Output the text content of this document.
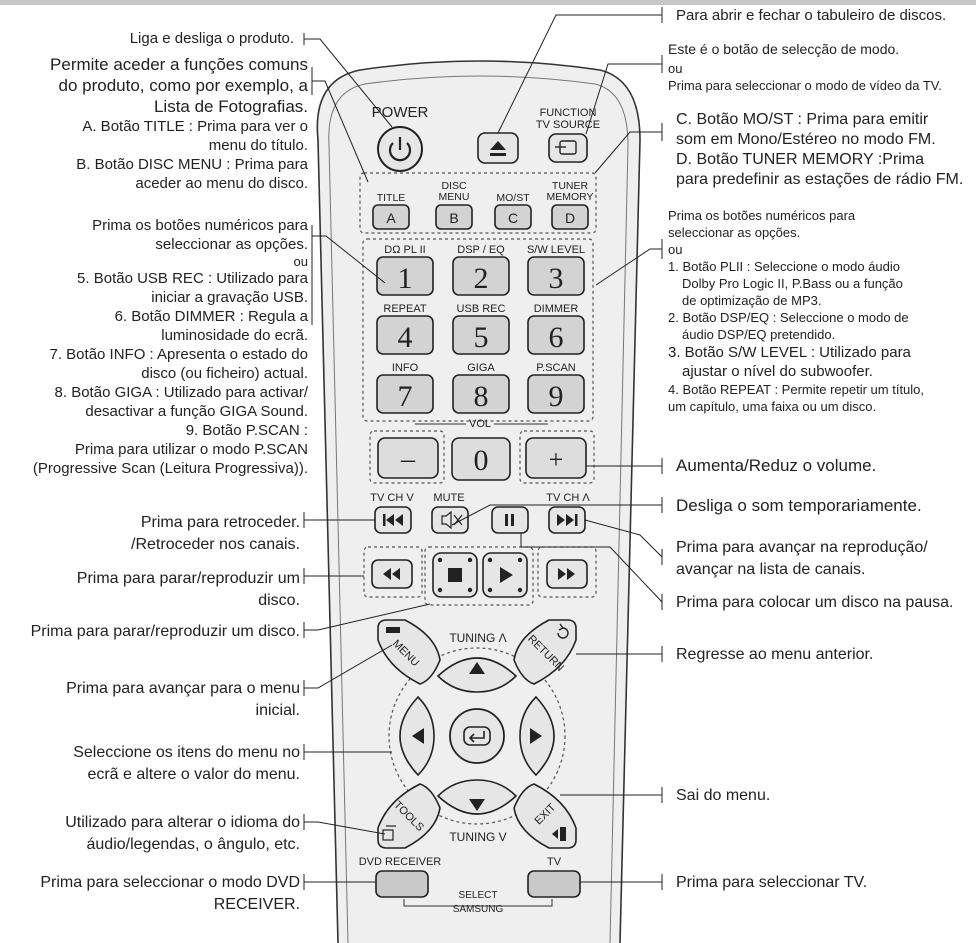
POWER	FUNCTION
TV SOURCE
TITLE
A
DISC
MENU
B
MO/ST
C
TUNER
MEMORY
D
DΩ PL II
1
DSP / EQ
2
S/W LEVEL
3
REPEAT
4
USB REC
5
DIMMER
6
INFO
7
GIGA
8
P.SCAN
9
VOL
– 0 +
TV CH V MUTE	TV CH Λ
TUNING Λ
TUNING V
MENU	RETURN
TOOLS	EXIT
DVD RECEIVER	TV
SELECT
SAMSUNG
Liga e desliga o produto.
Permite aceder a funções comuns
do produto, como por exemplo, a
Lista de Fotografias.
A. Botão TITLE : Prima para ver o
menu do título.
B. Botão DISC MENU : Prima para
aceder ao menu do disco.
Prima os botões numéricos para
seleccionar as opções.
ou
5. Botão USB REC : Utilizado para
iniciar a gravação USB.
6. Botão DIMMER : Regula a
luminosidade do ecrã.
7. Botão INFO : Apresenta o estado do
disco (ou ficheiro) actual.
8. Botão GIGA : Utilizado para activar/
desactivar a função GIGA Sound.
9. Botão P.SCAN :
Prima para utilizar o modo P.SCAN
(Progressive Scan (Leitura Progressiva)).
Prima para retroceder.
/Retroceder nos canais.
Prima para parar/reproduzir um
disco.
Prima para parar/reproduzir um disco.
Prima para avançar para o menu
inicial.
Seleccione os itens do menu no
ecrã e altere o valor do menu.
Utilizado para alterar o idioma do
áudio/legendas, o ângulo, etc.
Prima para seleccionar o modo DVD
RECEIVER.
Para abrir e fechar o tabuleiro de discos.
Este é o botão de selecção de modo.
ou
Prima para seleccionar o modo de vídeo da TV.
C. Botão MO/ST : Prima para emitir
som em Mono/Estéreo no modo FM.
D. Botão TUNER MEMORY :Prima
para predefinir as estações de rádio FM.
Prima os botões numéricos para
seleccionar as opções.
ou
1. Botão PLII : Seleccione o modo áudio
Dolby Pro Logic II, P.Bass ou a função
de optimização de MP3.
2. Botão DSP/EQ : Seleccione o modo de
áudio DSP/EQ pretendido.
3. Botão S/W LEVEL : Utilizado para
ajustar o nível do subwoofer.
4. Botão REPEAT : Permite repetir um título,
um capítulo, uma faixa ou um disco.
Aumenta/Reduz o volume.
Desliga o som temporariamente.
Prima para avançar na reprodução/
avançar na lista de canais.
Prima para colocar um disco na pausa.
Regresse ao menu anterior.
Sai do menu.
Prima para seleccionar TV.
